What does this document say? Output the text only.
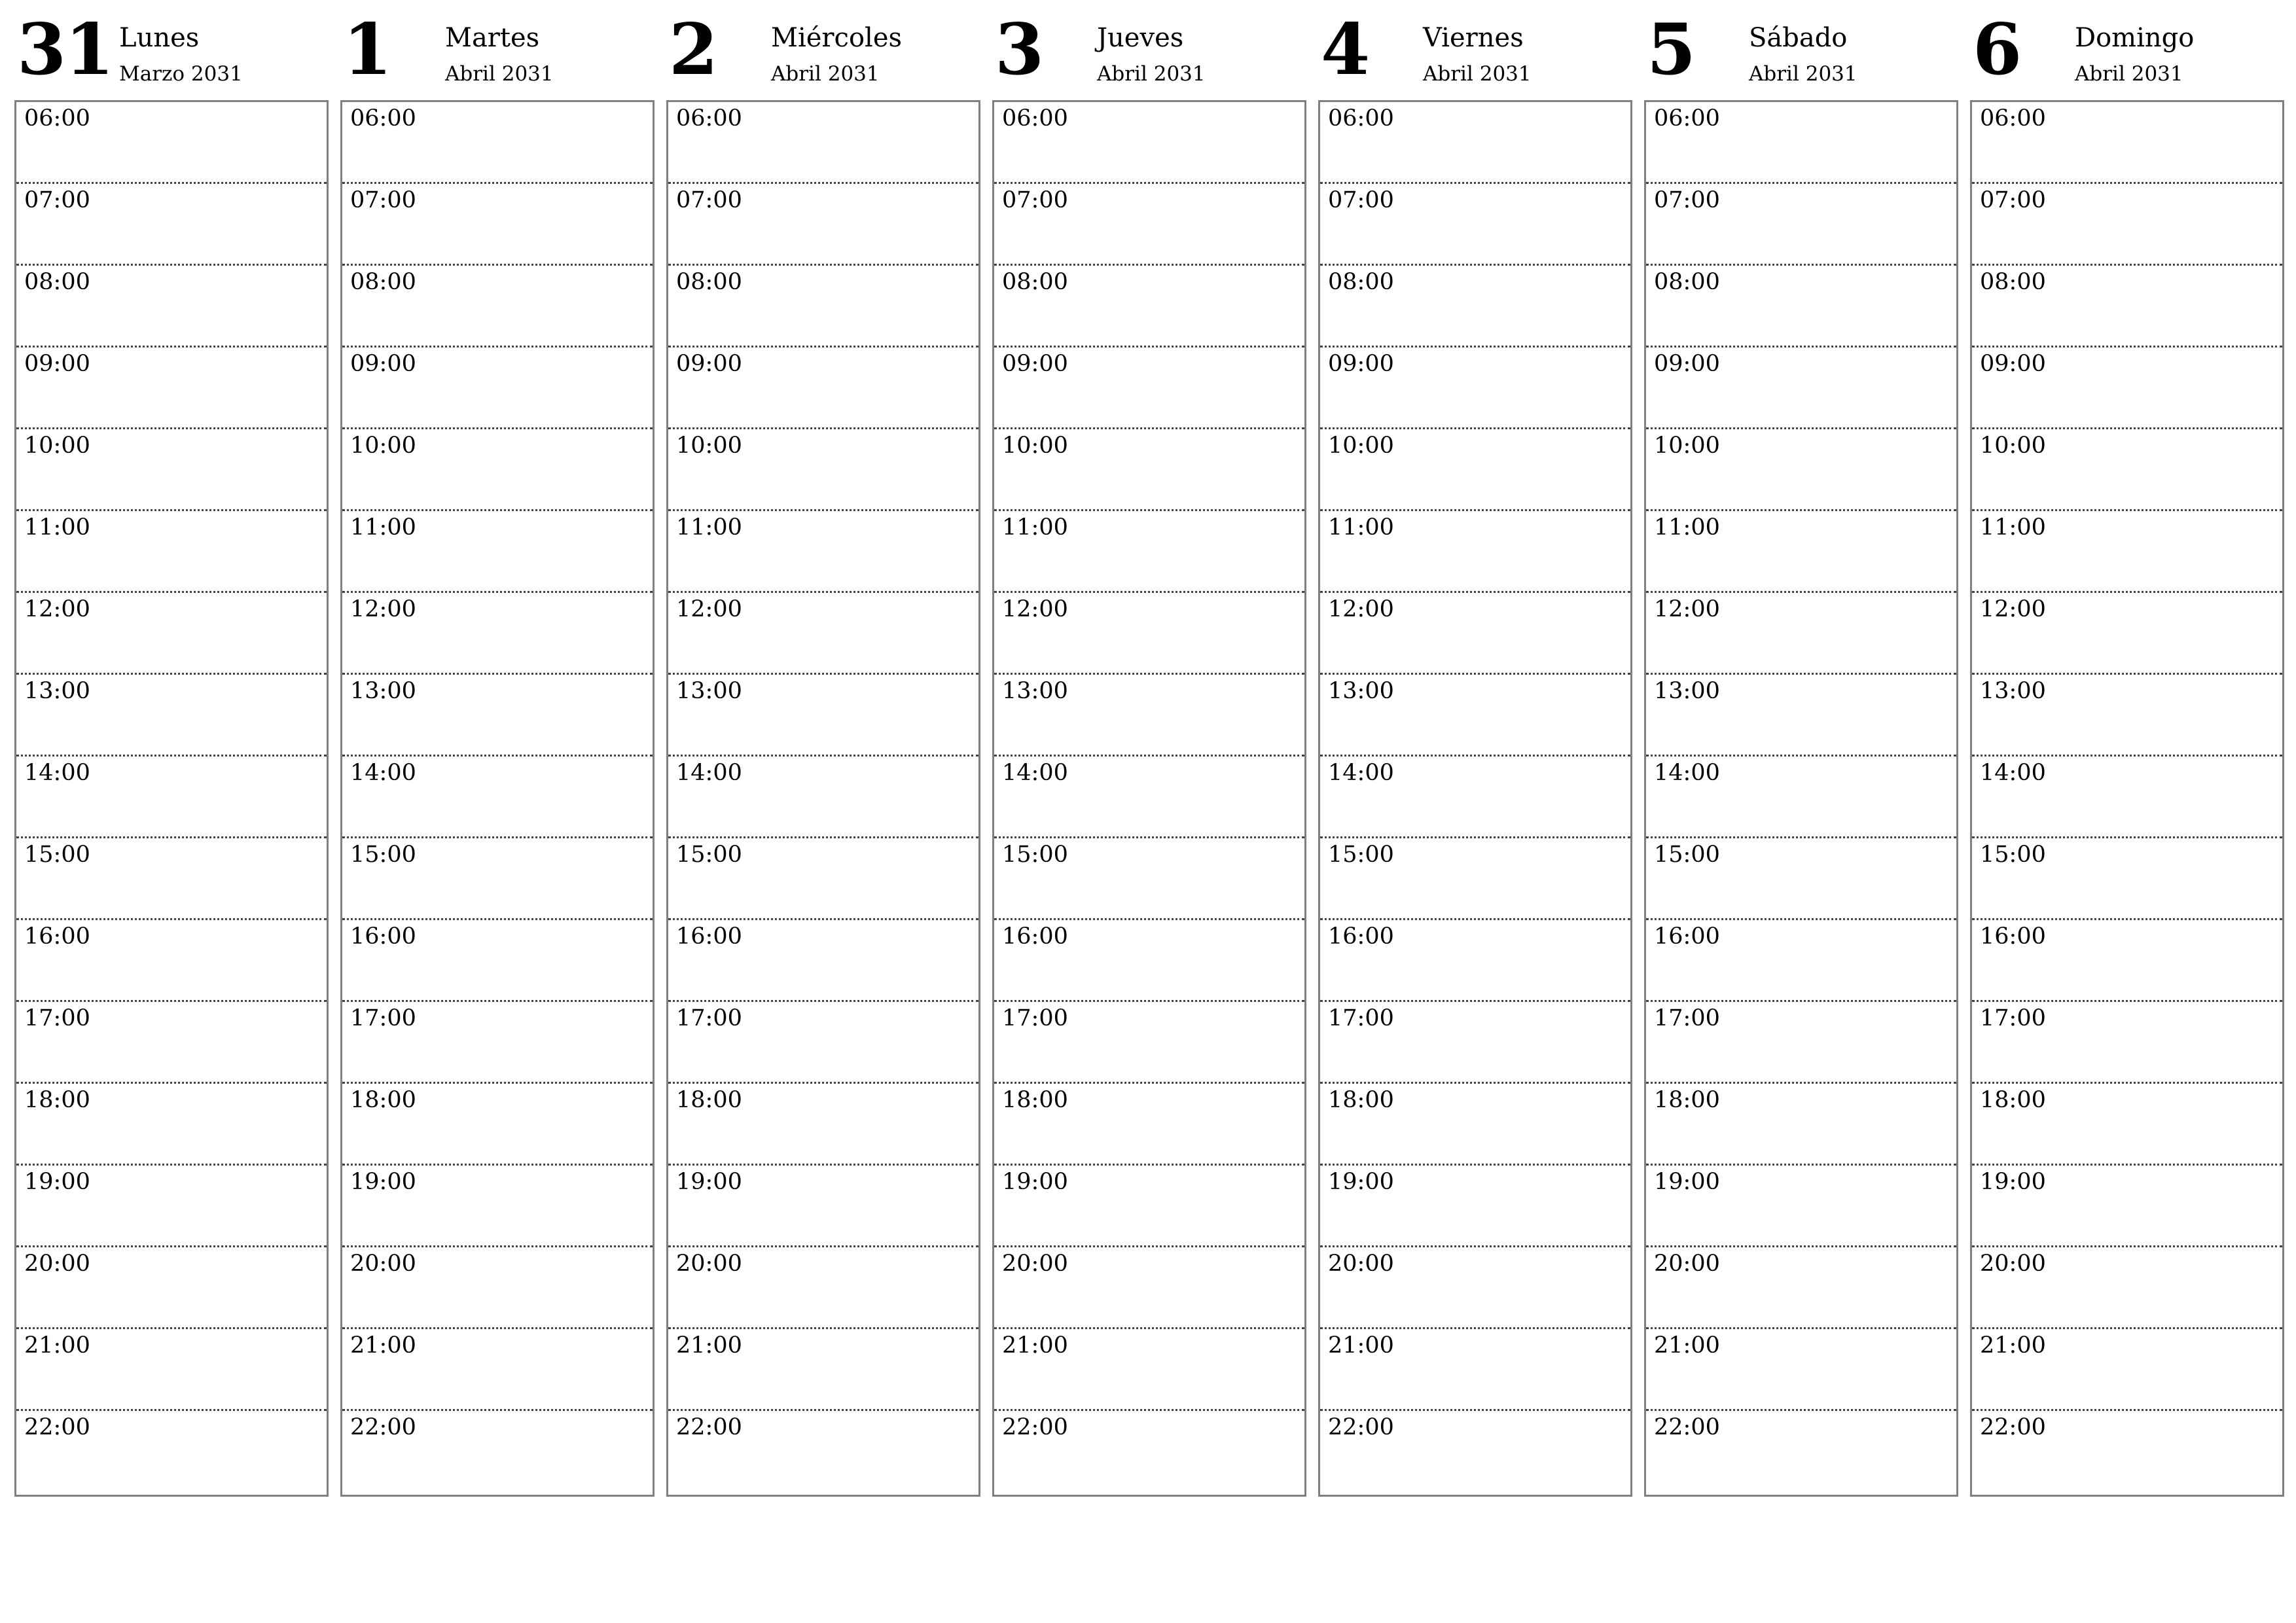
31 Lunes
Marzo 2031
06:00
07:00
08:00
09:00
10:00
11:00
12:00
13:00
14:00
15:00
16:00
17:00
18:00
19:00
20:00
21:00
22:00
1 Martes
Abril 2031
06:00
07:00
08:00
09:00
10:00
11:00
12:00
13:00
14:00
15:00
16:00
17:00
18:00
19:00
20:00
21:00
22:00
2 Miércoles
Abril 2031
06:00
07:00
08:00
09:00
10:00
11:00
12:00
13:00
14:00
15:00
16:00
17:00
18:00
19:00
20:00
21:00
22:00
3 Jueves
Abril 2031
06:00
07:00
08:00
09:00
10:00
11:00
12:00
13:00
14:00
15:00
16:00
17:00
18:00
19:00
20:00
21:00
22:00
4 Viernes
Abril 2031
06:00
07:00
08:00
09:00
10:00
11:00
12:00
13:00
14:00
15:00
16:00
17:00
18:00
19:00
20:00
21:00
22:00
5 Sábado
Abril 2031
06:00
07:00
08:00
09:00
10:00
11:00
12:00
13:00
14:00
15:00
16:00
17:00
18:00
19:00
20:00
21:00
22:00
6 Domingo
Abril 2031
06:00
07:00
08:00
09:00
10:00
11:00
12:00
13:00
14:00
15:00
16:00
17:00
18:00
19:00
20:00
21:00
22:00
